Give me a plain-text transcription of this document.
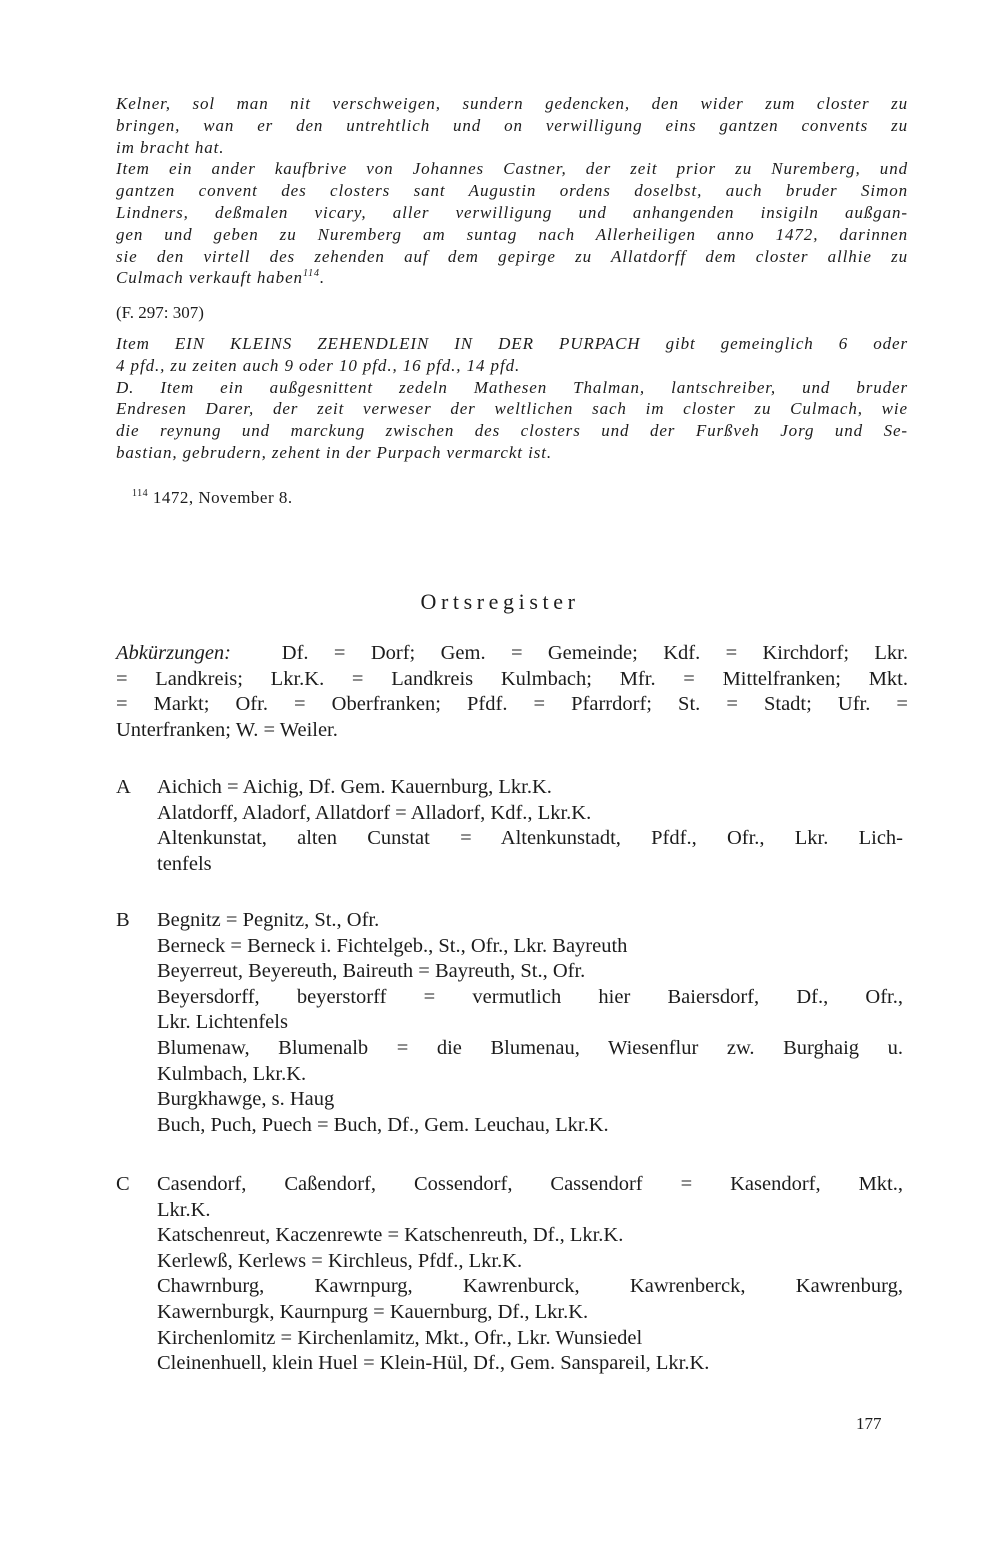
Kelner, sol man nit verschweigen, sundern gedencken, den wider zum closter zu
bringen, wan er den untrehtlich und on verwilligung eins gantzen convents zu
im bracht hat.
Item ein ander kaufbrive von Johannes Castner, der zeit prior zu Nuremberg, und
gantzen convent des closters sant Augustin ordens doselbst, auch bruder Simon
Lindners, deßmalen vicary, aller verwilligung und anhangenden insigiln außgan-
gen und geben zu Nuremberg am suntag nach Allerheiligen anno 1472, darinnen
sie den virtell des zehenden auf dem gepirge zu Allatdorff dem closter allhie zu
Culmach verkauft haben$^{114}$.
(F. 297: 307)
Item EIN KLEINS ZEHENDLEIN IN DER PURPACH gibt gemeinglich 6 oder
4 pfd., zu zeiten auch 9 oder 10 pfd., 16 pfd., 14 pfd.
D. Item ein außgesnittent zedeln Mathesen Thalman, lantschreiber, und bruder
Endresen Darer, der zeit verweser der weltlichen sach im closter zu Culmach, wie
die reynung und marckung zwischen des closters und der Furßveh Jorg und Se-
bastian, gebrudern, zehent in der Purpach vermarckt ist.
$^{114}$ 1472, November 8.
Ortsregister
Abkürzungen: Df. = Dorf; Gem. = Gemeinde; Kdf. = Kirchdorf; Lkr.
= Landkreis; Lkr.K. = Landkreis Kulmbach; Mfr. = Mittelfranken; Mkt.
= Markt; Ofr. = Oberfranken; Pfdf. = Pfarrdorf; St. = Stadt; Ufr. =
Unterfranken; W. = Weiler.
A Aichich = Aichig, Df. Gem. Kauernburg, Lkr.K.
Alatdorff, Aladorf, Allatdorf = Alladorf, Kdf., Lkr.K.
Altenkunstat, alten Cunstat = Altenkunstadt, Pfdf., Ofr., Lkr. Lich-
tenfels
B Begnitz = Pegnitz, St., Ofr.
Berneck = Berneck i. Fichtelgeb., St., Ofr., Lkr. Bayreuth
Beyerreut, Beyereuth, Baireuth = Bayreuth, St., Ofr.
Beyersdorff, beyerstorff = vermutlich hier Baiersdorf, Df., Ofr.,
Lkr. Lichtenfels
Blumenaw, Blumenalb = die Blumenau, Wiesenflur zw. Burghaig u.
Kulmbach, Lkr.K.
Burgkhawge, s. Haug
Buch, Puch, Puech = Buch, Df., Gem. Leuchau, Lkr.K.
C Casendorf, Caßendorf, Cossendorf, Cassendorf = Kasendorf, Mkt.,
Lkr.K.
Katschenreut, Kaczenrewte = Katschenreuth, Df., Lkr.K.
Kerlewß, Kerlews = Kirchleus, Pfdf., Lkr.K.
Chawrnburg, Kawrnpurg, Kawrenburck, Kawrenberck, Kawrenburg,
Kawernburgk, Kaurnpurg = Kauernburg, Df., Lkr.K.
Kirchenlomitz = Kirchenlamitz, Mkt., Ofr., Lkr. Wunsiedel
Cleinenhuell, klein Huel = Klein-Hül, Df., Gem. Sanspareil, Lkr.K.
177
